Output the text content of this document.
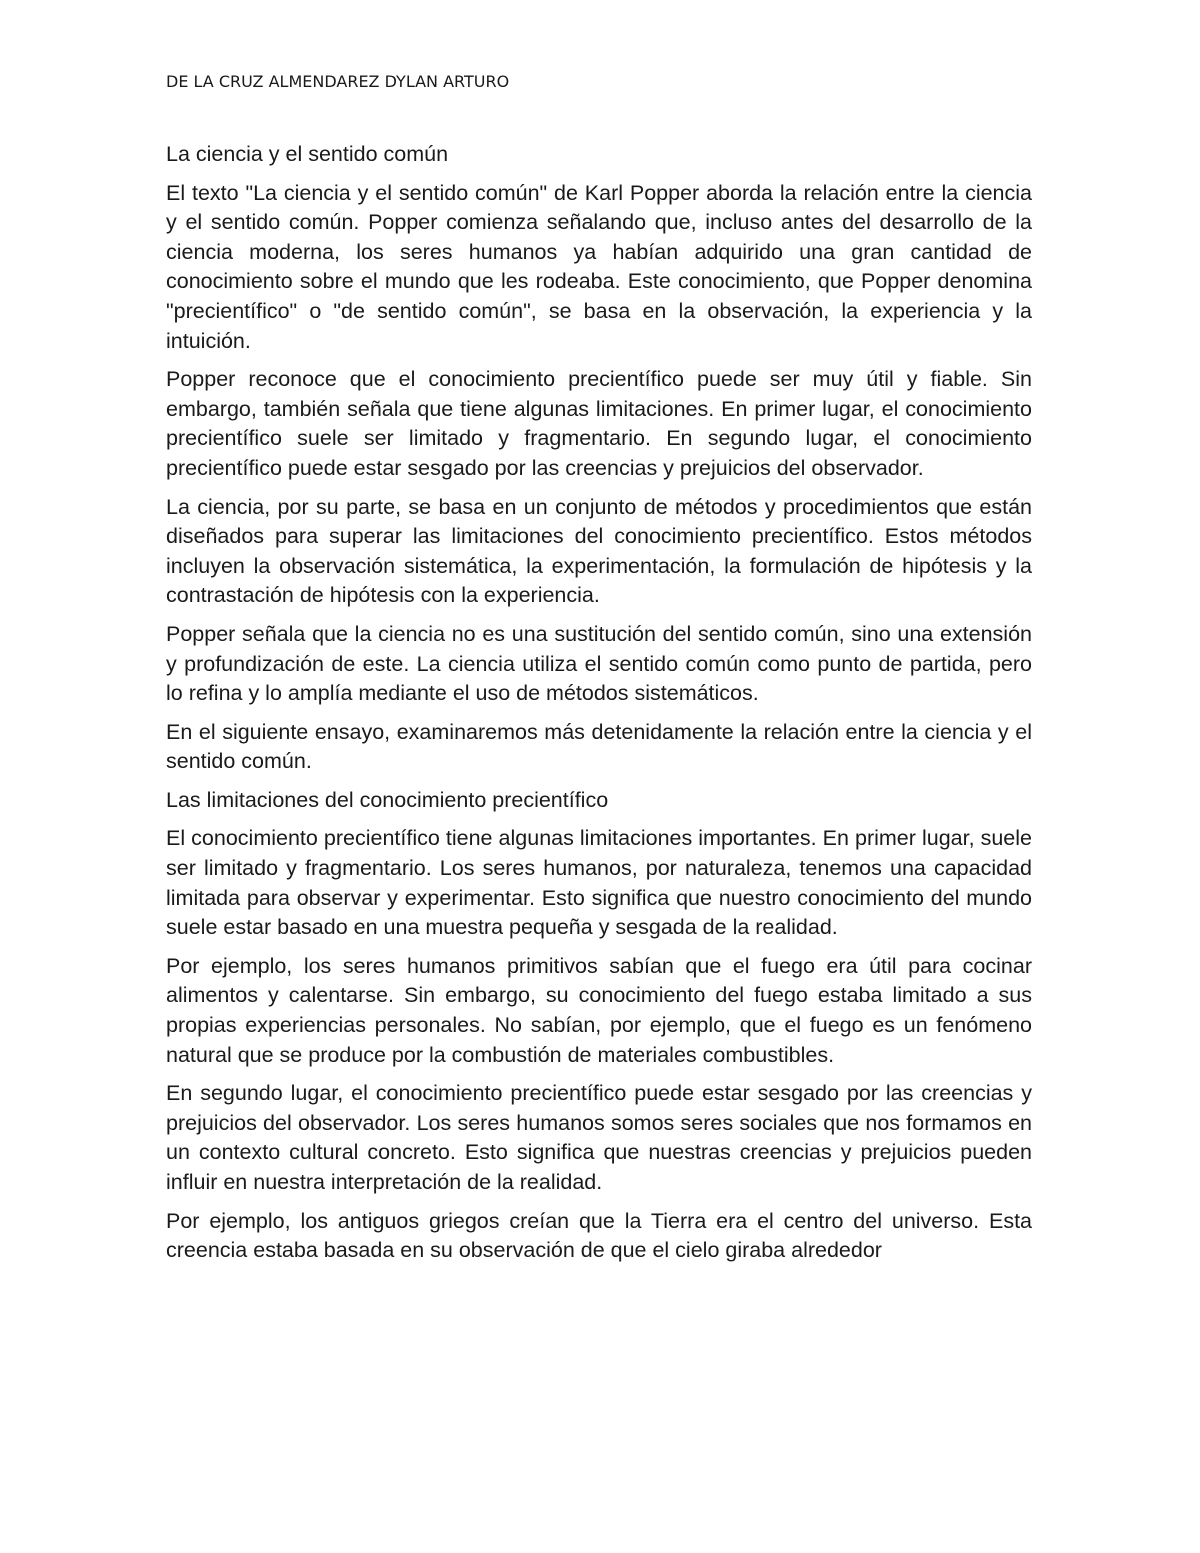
DE LA CRUZ ALMENDAREZ DYLAN ARTURO

La ciencia y el sentido común

El texto "La ciencia y el sentido común" de Karl Popper aborda la relación entre la ciencia y el sentido común. Popper comienza señalando que, incluso antes del desarrollo de la ciencia moderna, los seres humanos ya habían adquirido una gran cantidad de conocimiento sobre el mundo que les rodeaba. Este conocimiento, que Popper denomina "precientífico" o "de sentido común", se basa en la observación, la experiencia y la intuición.

Popper reconoce que el conocimiento precientífico puede ser muy útil y fiable. Sin embargo, también señala que tiene algunas limitaciones. En primer lugar, el conocimiento precientífico suele ser limitado y fragmentario. En segundo lugar, el conocimiento precientífico puede estar sesgado por las creencias y prejuicios del observador.

La ciencia, por su parte, se basa en un conjunto de métodos y procedimientos que están diseñados para superar las limitaciones del conocimiento precientífico. Estos métodos incluyen la observación sistemática, la experimentación, la formulación de hipótesis y la contrastación de hipótesis con la experiencia.

Popper señala que la ciencia no es una sustitución del sentido común, sino una extensión y profundización de este. La ciencia utiliza el sentido común como punto de partida, pero lo refina y lo amplía mediante el uso de métodos sistemáticos.

En el siguiente ensayo, examinaremos más detenidamente la relación entre la ciencia y el sentido común.

Las limitaciones del conocimiento precientífico

El conocimiento precientífico tiene algunas limitaciones importantes. En primer lugar, suele ser limitado y fragmentario. Los seres humanos, por naturaleza, tenemos una capacidad limitada para observar y experimentar. Esto significa que nuestro conocimiento del mundo suele estar basado en una muestra pequeña y sesgada de la realidad.

Por ejemplo, los seres humanos primitivos sabían que el fuego era útil para cocinar alimentos y calentarse. Sin embargo, su conocimiento del fuego estaba limitado a sus propias experiencias personales. No sabían, por ejemplo, que el fuego es un fenómeno natural que se produce por la combustión de materiales combustibles.

En segundo lugar, el conocimiento precientífico puede estar sesgado por las creencias y prejuicios del observador. Los seres humanos somos seres sociales que nos formamos en un contexto cultural concreto. Esto significa que nuestras creencias y prejuicios pueden influir en nuestra interpretación de la realidad.

Por ejemplo, los antiguos griegos creían que la Tierra era el centro del universo. Esta creencia estaba basada en su observación de que el cielo giraba alrededor
